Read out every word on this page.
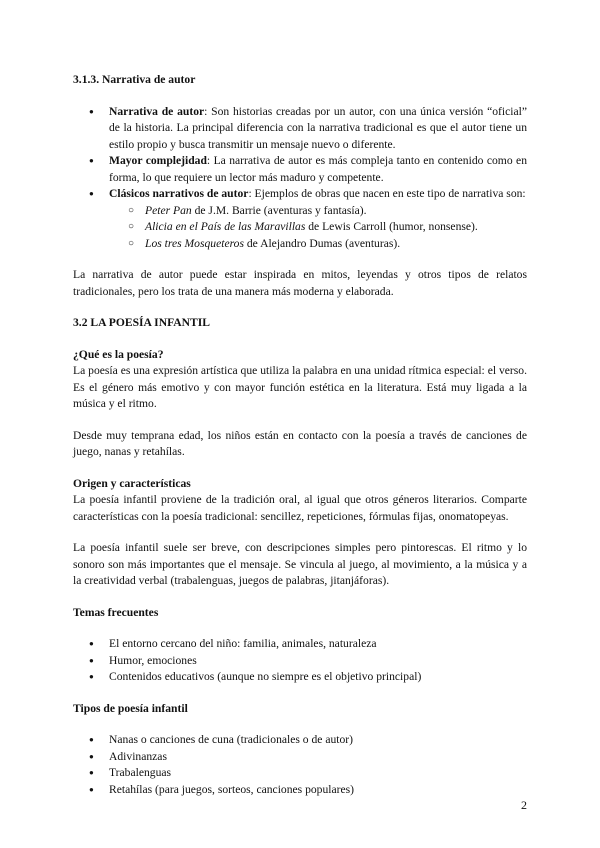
3.1.3. Narrativa de autor

● Narrativa de autor: Son historias creadas por un autor, con una única versión “oficial” de la historia. La principal diferencia con la narrativa tradicional es que el autor tiene un estilo propio y busca transmitir un mensaje nuevo o diferente.
● Mayor complejidad: La narrativa de autor es más compleja tanto en contenido como en forma, lo que requiere un lector más maduro y competente.
● Clásicos narrativos de autor: Ejemplos de obras que nacen en este tipo de narrativa son:
○ Peter Pan de J.M. Barrie (aventuras y fantasía).
○ Alicia en el País de las Maravillas de Lewis Carroll (humor, nonsense).
○ Los tres Mosqueteros de Alejandro Dumas (aventuras).

La narrativa de autor puede estar inspirada en mitos, leyendas y otros tipos de relatos tradicionales, pero los trata de una manera más moderna y elaborada.

3.2 LA POESÍA INFANTIL

¿Qué es la poesía?

La poesía es una expresión artística que utiliza la palabra en una unidad rítmica especial: el verso. Es el género más emotivo y con mayor función estética en la literatura. Está muy ligada a la música y el ritmo.

Desde muy temprana edad, los niños están en contacto con la poesía a través de canciones de juego, nanas y retahílas.

Origen y características

La poesía infantil proviene de la tradición oral, al igual que otros géneros literarios. Comparte características con la poesía tradicional: sencillez, repeticiones, fórmulas fijas, onomatopeyas.

La poesía infantil suele ser breve, con descripciones simples pero pintorescas. El ritmo y lo sonoro son más importantes que el mensaje. Se vincula al juego, al movimiento, a la música y a la creatividad verbal (trabalenguas, juegos de palabras, jitanjáforas).

Temas frecuentes

● El entorno cercano del niño: familia, animales, naturaleza
● Humor, emociones
● Contenidos educativos (aunque no siempre es el objetivo principal)

Tipos de poesía infantil

● Nanas o canciones de cuna (tradicionales o de autor)
● Adivinanzas
● Trabalenguas
● Retahílas (para juegos, sorteos, canciones populares)
2
